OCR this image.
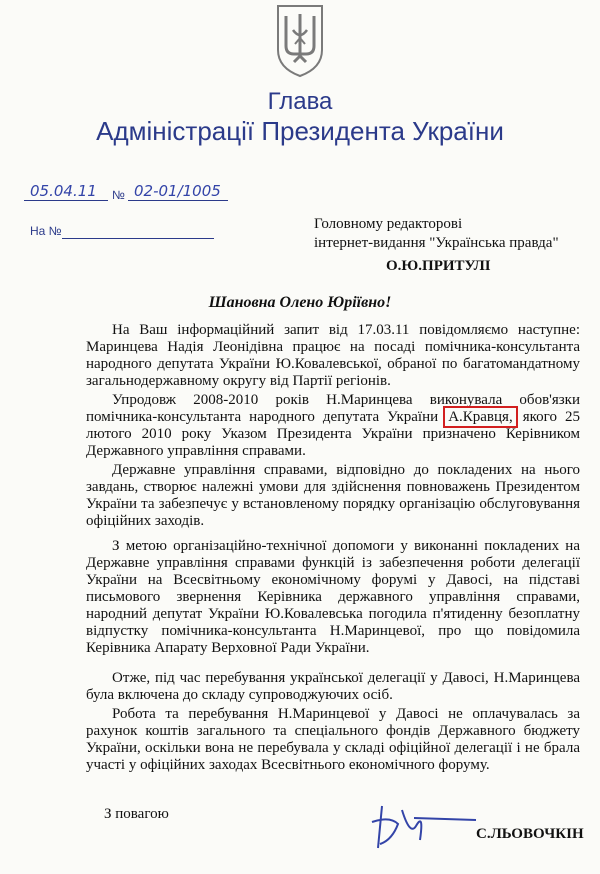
Глава
Адміністрації Президента України
05.04.11 № 02-01/1005
На №	Головному редакторові
інтернет-видання "Українська правда"
О.Ю.ПРИТУЛІ
Шановна Олено Юріївно!
На Ваш інформаційний запит від 17.03.11 повідомляємо наступне: Маринцева Надія Леонідівна працює на посаді помічника-консультанта народного депутата України Ю.Ковалевської, обраної по багатомандатному загальнодержавному округу від Партії регіонів.
Упродовж 2008-2010 років Н.Маринцева виконувала обов'язки помічника-консультанта народного депутата України А.Кравця, якого 25 лютого 2010 року Указом Президента України призначено Керівником Державного управління справами.
Державне управління справами, відповідно до покладених на нього завдань, створює належні умови для здійснення повноважень Президентом України та забезпечує у встановленому порядку організацію обслуговування офіційних заходів.
З метою організаційно-технічної допомоги у виконанні покладених на Державне управління справами функцій із забезпечення роботи делегації України на Всесвітньому економічному форумі у Давосі, на підставі письмового звернення Керівника державного управління справами, народний депутат України Ю.Ковалевська погодила п'ятиденну безоплатну відпустку помічника-консультанта Н.Маринцевої, про що повідомила Керівника Апарату Верховної Ради України.
Отже, під час перебування української делегації у Давосі, Н.Маринцева була включена до складу супроводжуючих осіб.
Робота та перебування Н.Маринцевої у Давосі не оплачувалась за рахунок коштів загального та спеціального фондів Державного бюджету України, оскільки вона не перебувала у складі офіційної делегації і не брала участі у офіційних заходах Всесвітнього економічного форуму.
З повагою
С.ЛЬОВОЧКІН
